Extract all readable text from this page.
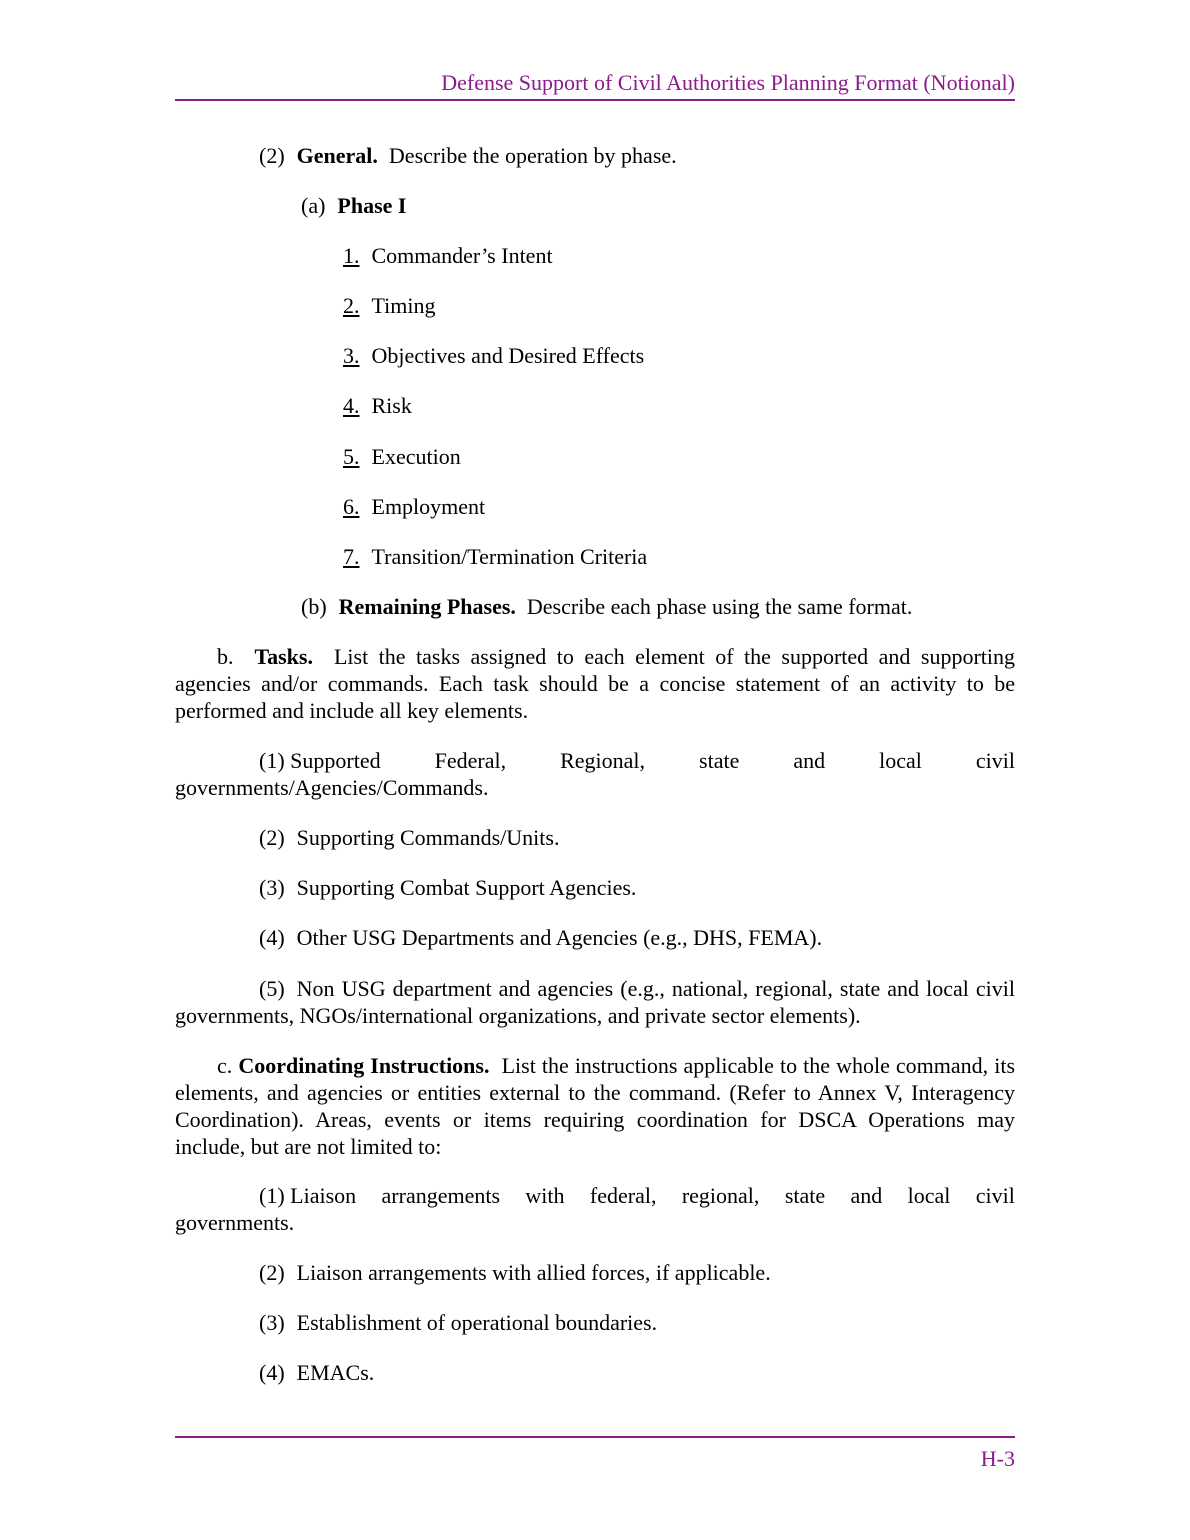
Defense Support of Civil Authorities Planning Format (Notional)
(2) General. Describe the operation by phase.
(a) Phase I
1. Commander’s Intent
2. Timing
3. Objectives and Desired Effects
4. Risk
5. Execution
6. Employment
7. Transition/Termination Criteria
(b) Remaining Phases. Describe each phase using the same format.
b. Tasks. List the tasks assigned to each element of the supported and supporting agencies and/or commands. Each task should be a concise statement of an activity to be performed and include all key elements.
(1) Supported Federal, Regional, state and local civil
governments/Agencies/Commands.
(2) Supporting Commands/Units.
(3) Supporting Combat Support Agencies.
(4) Other USG Departments and Agencies (e.g., DHS, FEMA).
(5) Non USG department and agencies (e.g., national, regional, state and local civil governments, NGOs/international organizations, and private sector elements).
c. Coordinating Instructions. List the instructions applicable to the whole command, its elements, and agencies or entities external to the command. (Refer to Annex V, Interagency Coordination). Areas, events or items requiring coordination for DSCA Operations may include, but are not limited to:
(1) Liaison arrangements with federal, regional, state and local civil
governments.
(2) Liaison arrangements with allied forces, if applicable.
(3) Establishment of operational boundaries.
(4) EMACs.
H-3
